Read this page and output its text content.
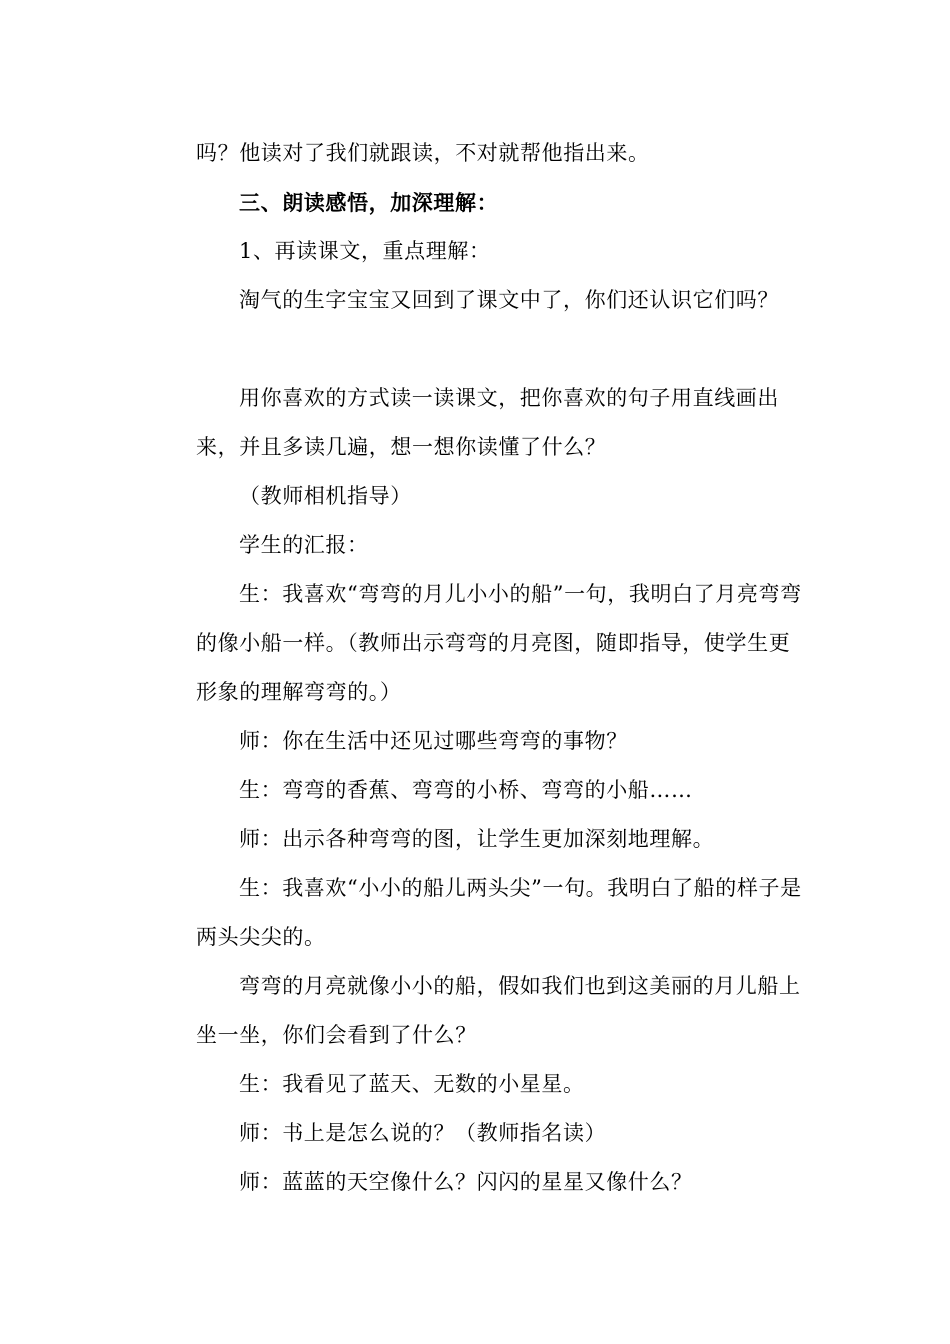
吗？他读对了我们就跟读，不对就帮他指出来。

三、朗读感悟，加深理解：

1、再读课文，重点理解：

淘气的生字宝宝又回到了课文中了，你们还认识它们吗？

用你喜欢的方式读一读课文，把你喜欢的句子用直线画出来，并且多读几遍，想一想你读懂了什么？

（教师相机指导）

学生的汇报：

生：我喜欢“弯弯的月儿小小的船”一句，我明白了月亮弯弯的像小船一样。（教师出示弯弯的月亮图，随即指导，使学生更形象的理解弯弯的。）

师：你在生活中还见过哪些弯弯的事物？

生：弯弯的香蕉、弯弯的小桥、弯弯的小船……

师：出示各种弯弯的图，让学生更加深刻地理解。

生：我喜欢“小小的船儿两头尖”一句。我明白了船的样子是两头尖尖的。

弯弯的月亮就像小小的船，假如我们也到这美丽的月儿船上坐一坐，你们会看到了什么？

生：我看见了蓝天、无数的小星星。

师：书上是怎么说的？（教师指名读）

师：蓝蓝的天空像什么？闪闪的星星又像什么？
